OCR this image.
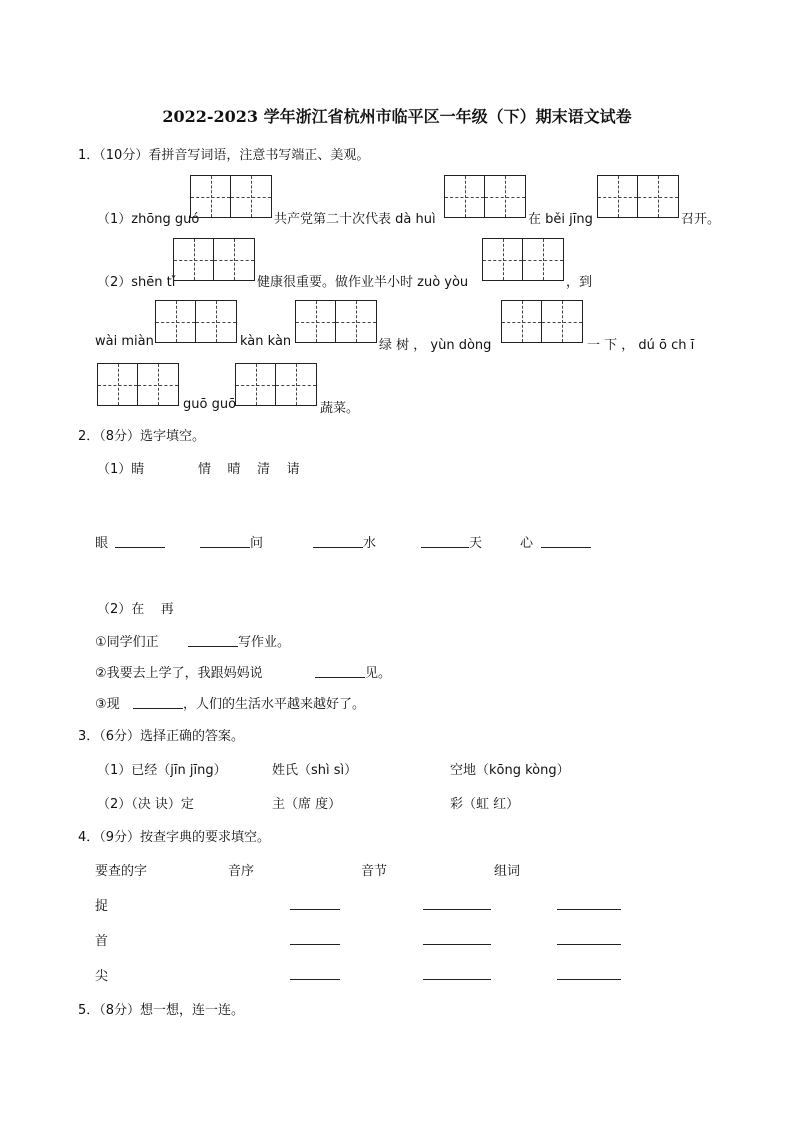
2022-2023 学年浙江省杭州市临平区一年级（下）期末语文试卷
1．（10分）看拼音写词语，注意书写端正、美观。
（1）zhōng guó	共产党第二十次代表 dà huì	在 běi jīng	召开。
（2）shēn tǐ	健康很重要。做作业半小时 zuò yòu	，到
wài miàn	kàn kàn	绿 树 ， yùn dòng	一 下 ， dú ō ch ī
guō guō	蔬菜。
2．（8分）选字填空。
（1）睛	情    晴    清    请
眼	问	水	天	心
（2）在    再
①同学们正	写作业。
②我要去上学了，我跟妈妈说	见。
③现	，人们的生活水平越来越好了。
3．（6分）选择正确的答案。
（1）已经（jīn jīng）	姓氏（shì sì）	空地（kōng kòng）
（2）（决 诀）定	主（席 度）	彩（虹 红）
4．（9分）按查字典的要求填空。
要查的字	音序	音节	组词
捉
首
尖
5．（8分）想一想，连一连。
